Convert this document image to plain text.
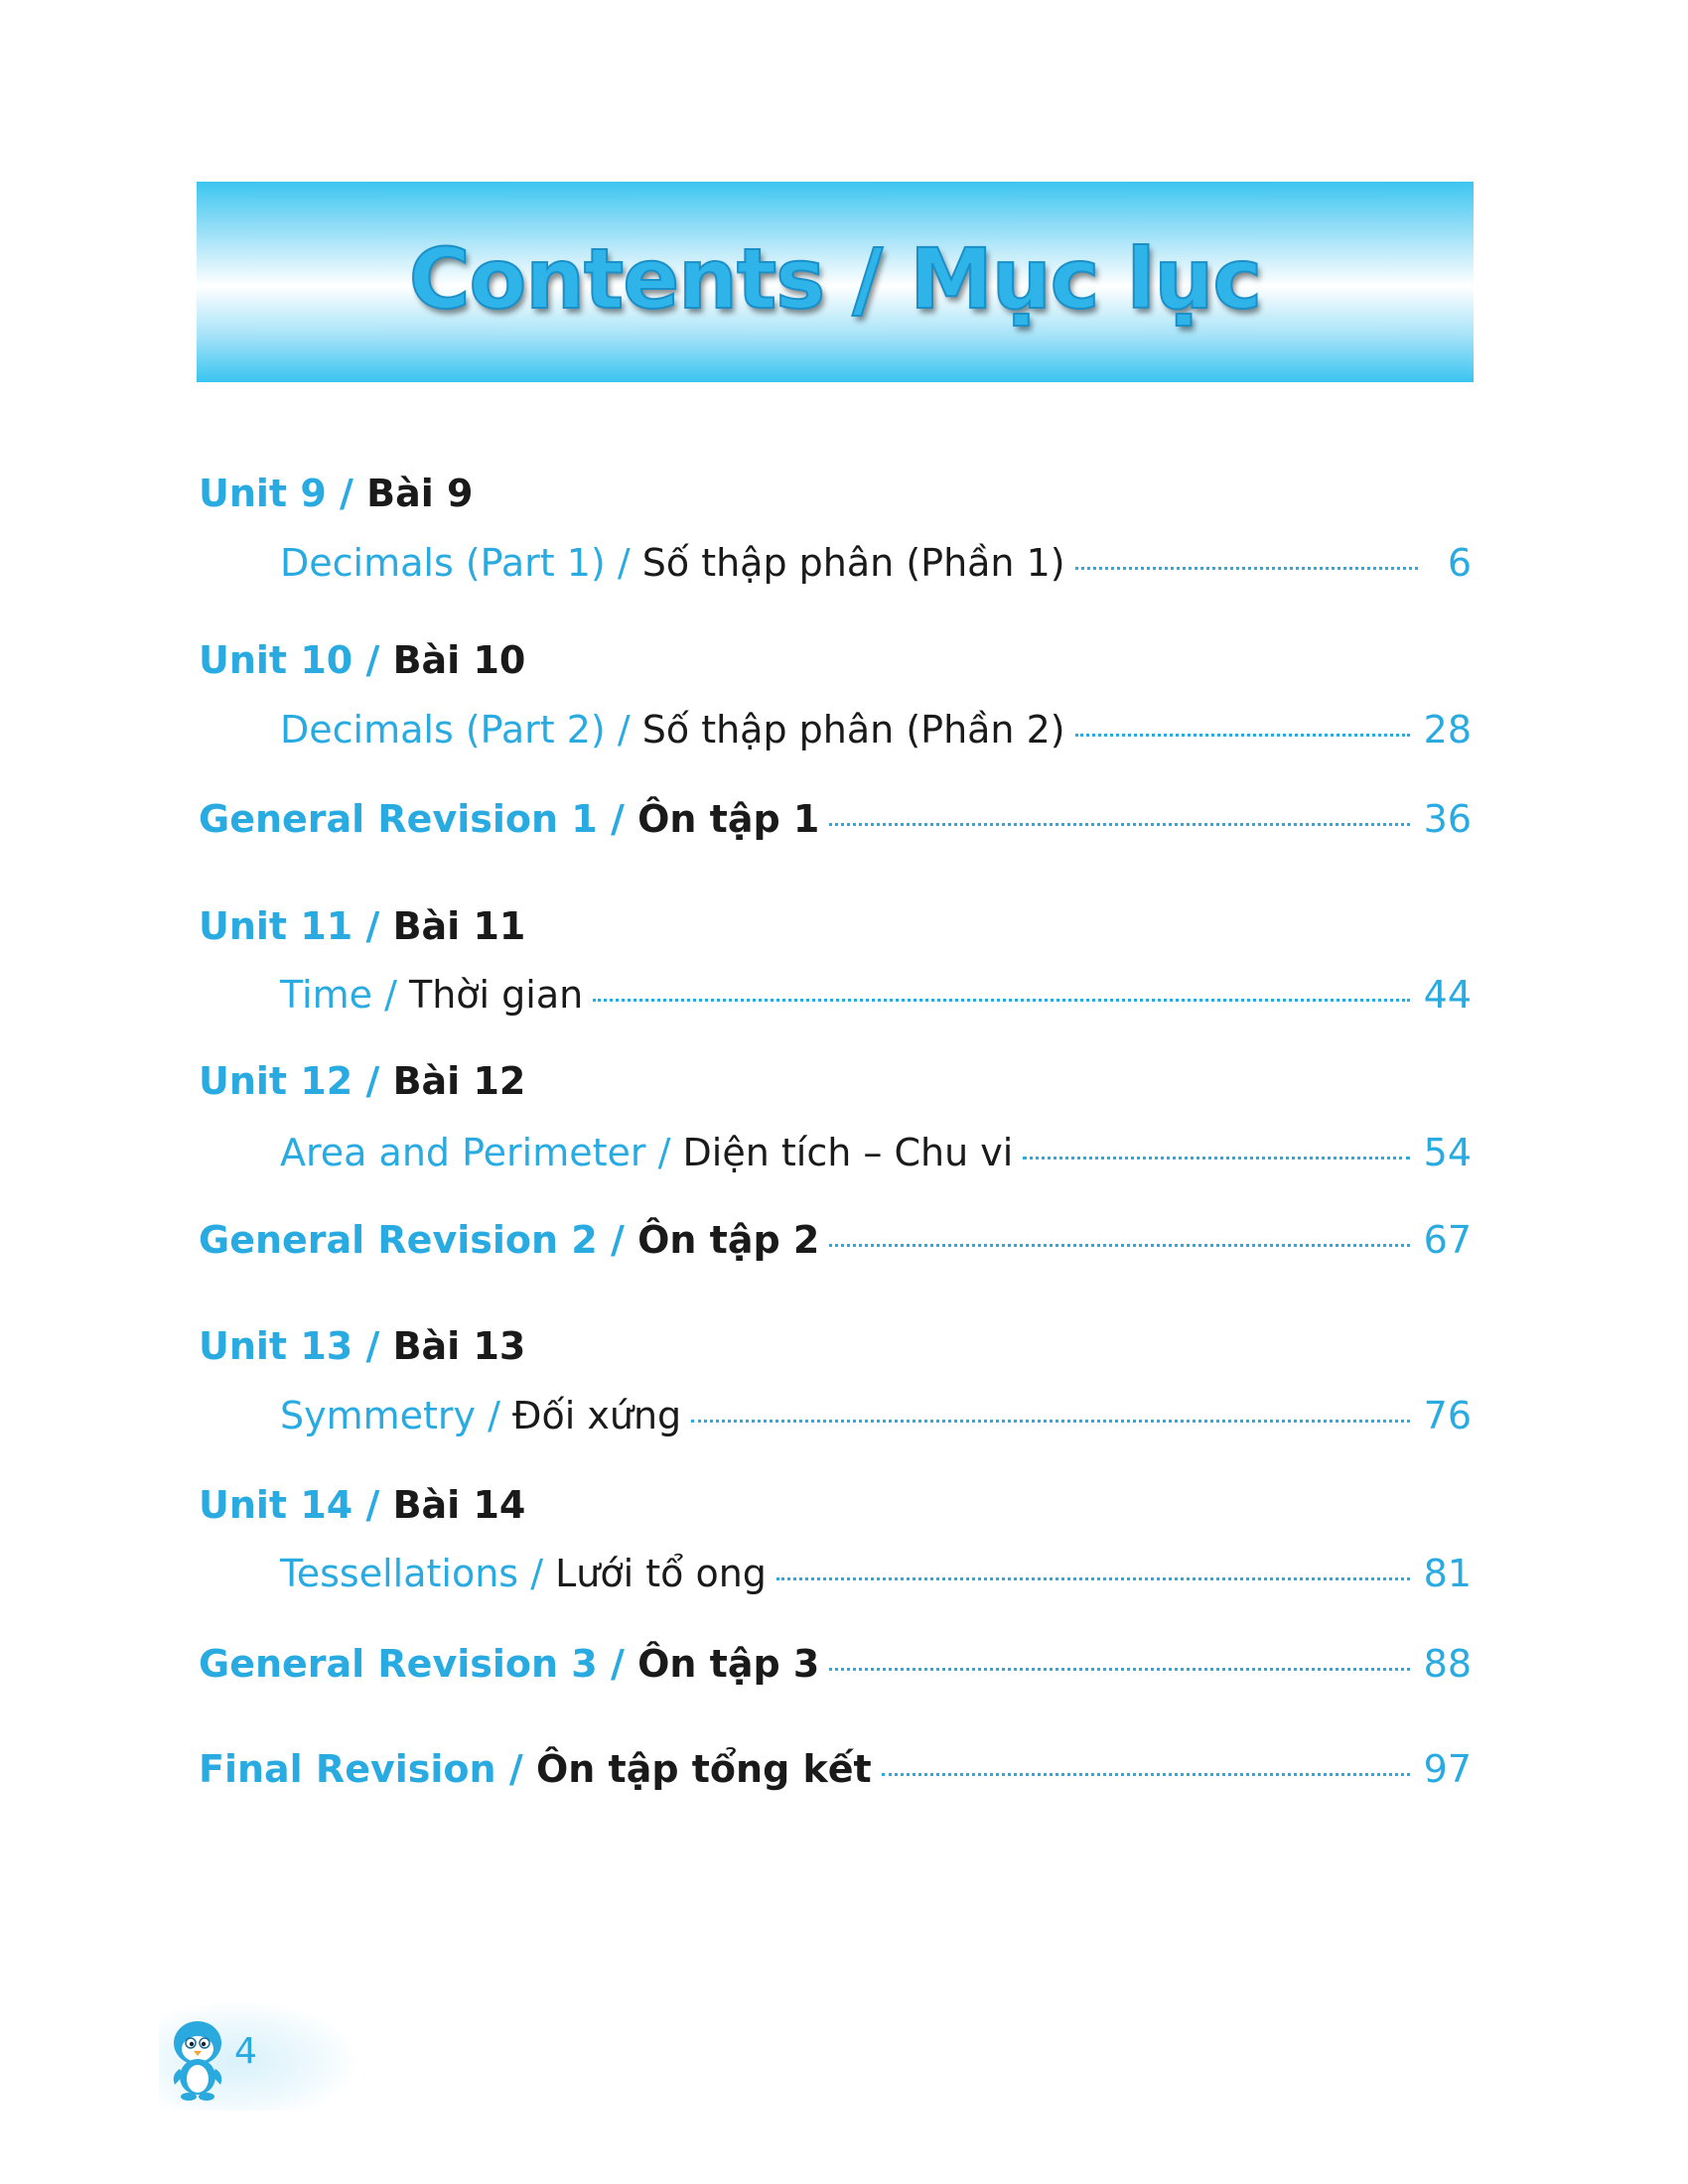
Contents / Mục lục
Unit 9
/
Bài 9
Decimals (Part 1)
/
Số thập phân (Phần 1)	6
Unit 10
/
Bài 10
Decimals (Part 2)
/
Số thập phân (Phần 2)	28
General Revision 1
/
Ôn tập 1	36
Unit 11
/
Bài 11
Time
/
Thời gian	44
Unit 12
/
Bài 12
Area and Perimeter
/
Diện tích – Chu vi	54
General Revision 2
/
Ôn tập 2	67
Unit 13
/
Bài 13
Symmetry
/
Đối xứng	76
Unit 14
/
Bài 14
Tessellations
/
Lưới tổ ong	81
General Revision 3
/
Ôn tập 3	88
Final Revision
/
Ôn tập tổng kết	97
4
